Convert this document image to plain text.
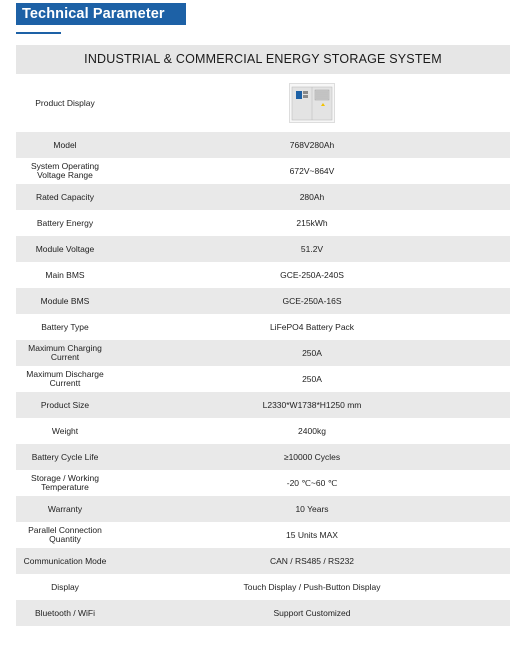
Technical Parameter
INDUSTRIAL & COMMERCIAL ENERGY STORAGE SYSTEM
Product Display
Model	768V280Ah
System Operating Voltage Range	672V~864V
Rated Capacity	280Ah
Battery Energy	215kWh
Module Voltage	51.2V
Main BMS	GCE-250A-240S
Module BMS	GCE-250A-16S
Battery Type	LiFePO4 Battery Pack
Maximum Charging Current	250A
Maximum Discharge Currentt	250A
Product Size	L2330*W1738*H1250 mm
Weight	2400kg
Battery Cycle Life	≥10000 Cycles
Storage / Working Temperature	-20 ℃~60 ℃
Warranty	10 Years
Parallel Connection Quantity	15 Units MAX
Communication Mode	CAN / RS485 / RS232
Display	Touch Display / Push-Button Display
Bluetooth / WiFi	Support Customized
